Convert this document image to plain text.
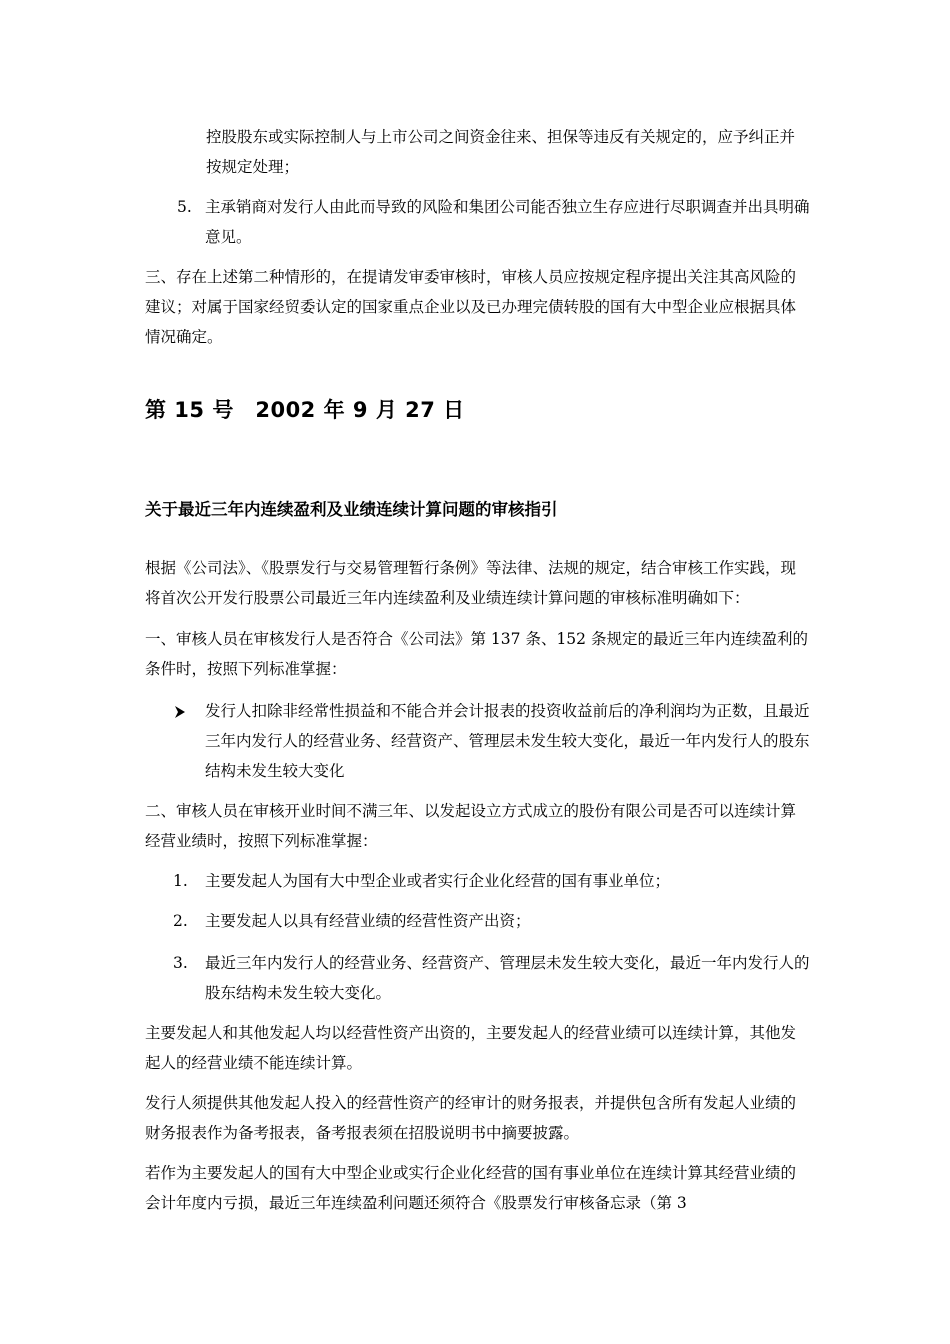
控股股东或实际控制人与上市公司之间资金往来、担保等违反有关规定的，应予纠正并按规定处理；
5. 主承销商对发行人由此而导致的风险和集团公司能否独立生存应进行尽职调查并出具明确意见。
三、存在上述第二种情形的，在提请发审委审核时，审核人员应按规定程序提出关注其高风险的建议；对属于国家经贸委认定的国家重点企业以及已办理完债转股的国有大中型企业应根据具体情况确定。
第 15 号　2002 年 9 月 27 日
关于最近三年内连续盈利及业绩连续计算问题的审核指引
根据《公司法》、《股票发行与交易管理暂行条例》等法律、法规的规定，结合审核工作实践，现将首次公开发行股票公司最近三年内连续盈利及业绩连续计算问题的审核标准明确如下：
一、审核人员在审核发行人是否符合《公司法》第 137 条、152 条规定的最近三年内连续盈利的条件时，按照下列标准掌握：
发行人扣除非经常性损益和不能合并会计报表的投资收益前后的净利润均为正数，且最近三年内发行人的经营业务、经营资产、管理层未发生较大变化，最近一年内发行人的股东结构未发生较大变化
二、审核人员在审核开业时间不满三年、以发起设立方式成立的股份有限公司是否可以连续计算经营业绩时，按照下列标准掌握：
1. 主要发起人为国有大中型企业或者实行企业化经营的国有事业单位；
2. 主要发起人以具有经营业绩的经营性资产出资；
3. 最近三年内发行人的经营业务、经营资产、管理层未发生较大变化，最近一年内发行人的股东结构未发生较大变化。
主要发起人和其他发起人均以经营性资产出资的，主要发起人的经营业绩可以连续计算，其他发起人的经营业绩不能连续计算。
发行人须提供其他发起人投入的经营性资产的经审计的财务报表，并提供包含所有发起人业绩的财务报表作为备考报表，备考报表须在招股说明书中摘要披露。
若作为主要发起人的国有大中型企业或实行企业化经营的国有事业单位在连续计算其经营业绩的会计年度内亏损，最近三年连续盈利问题还须符合《股票发行审核备忘录（第 3
